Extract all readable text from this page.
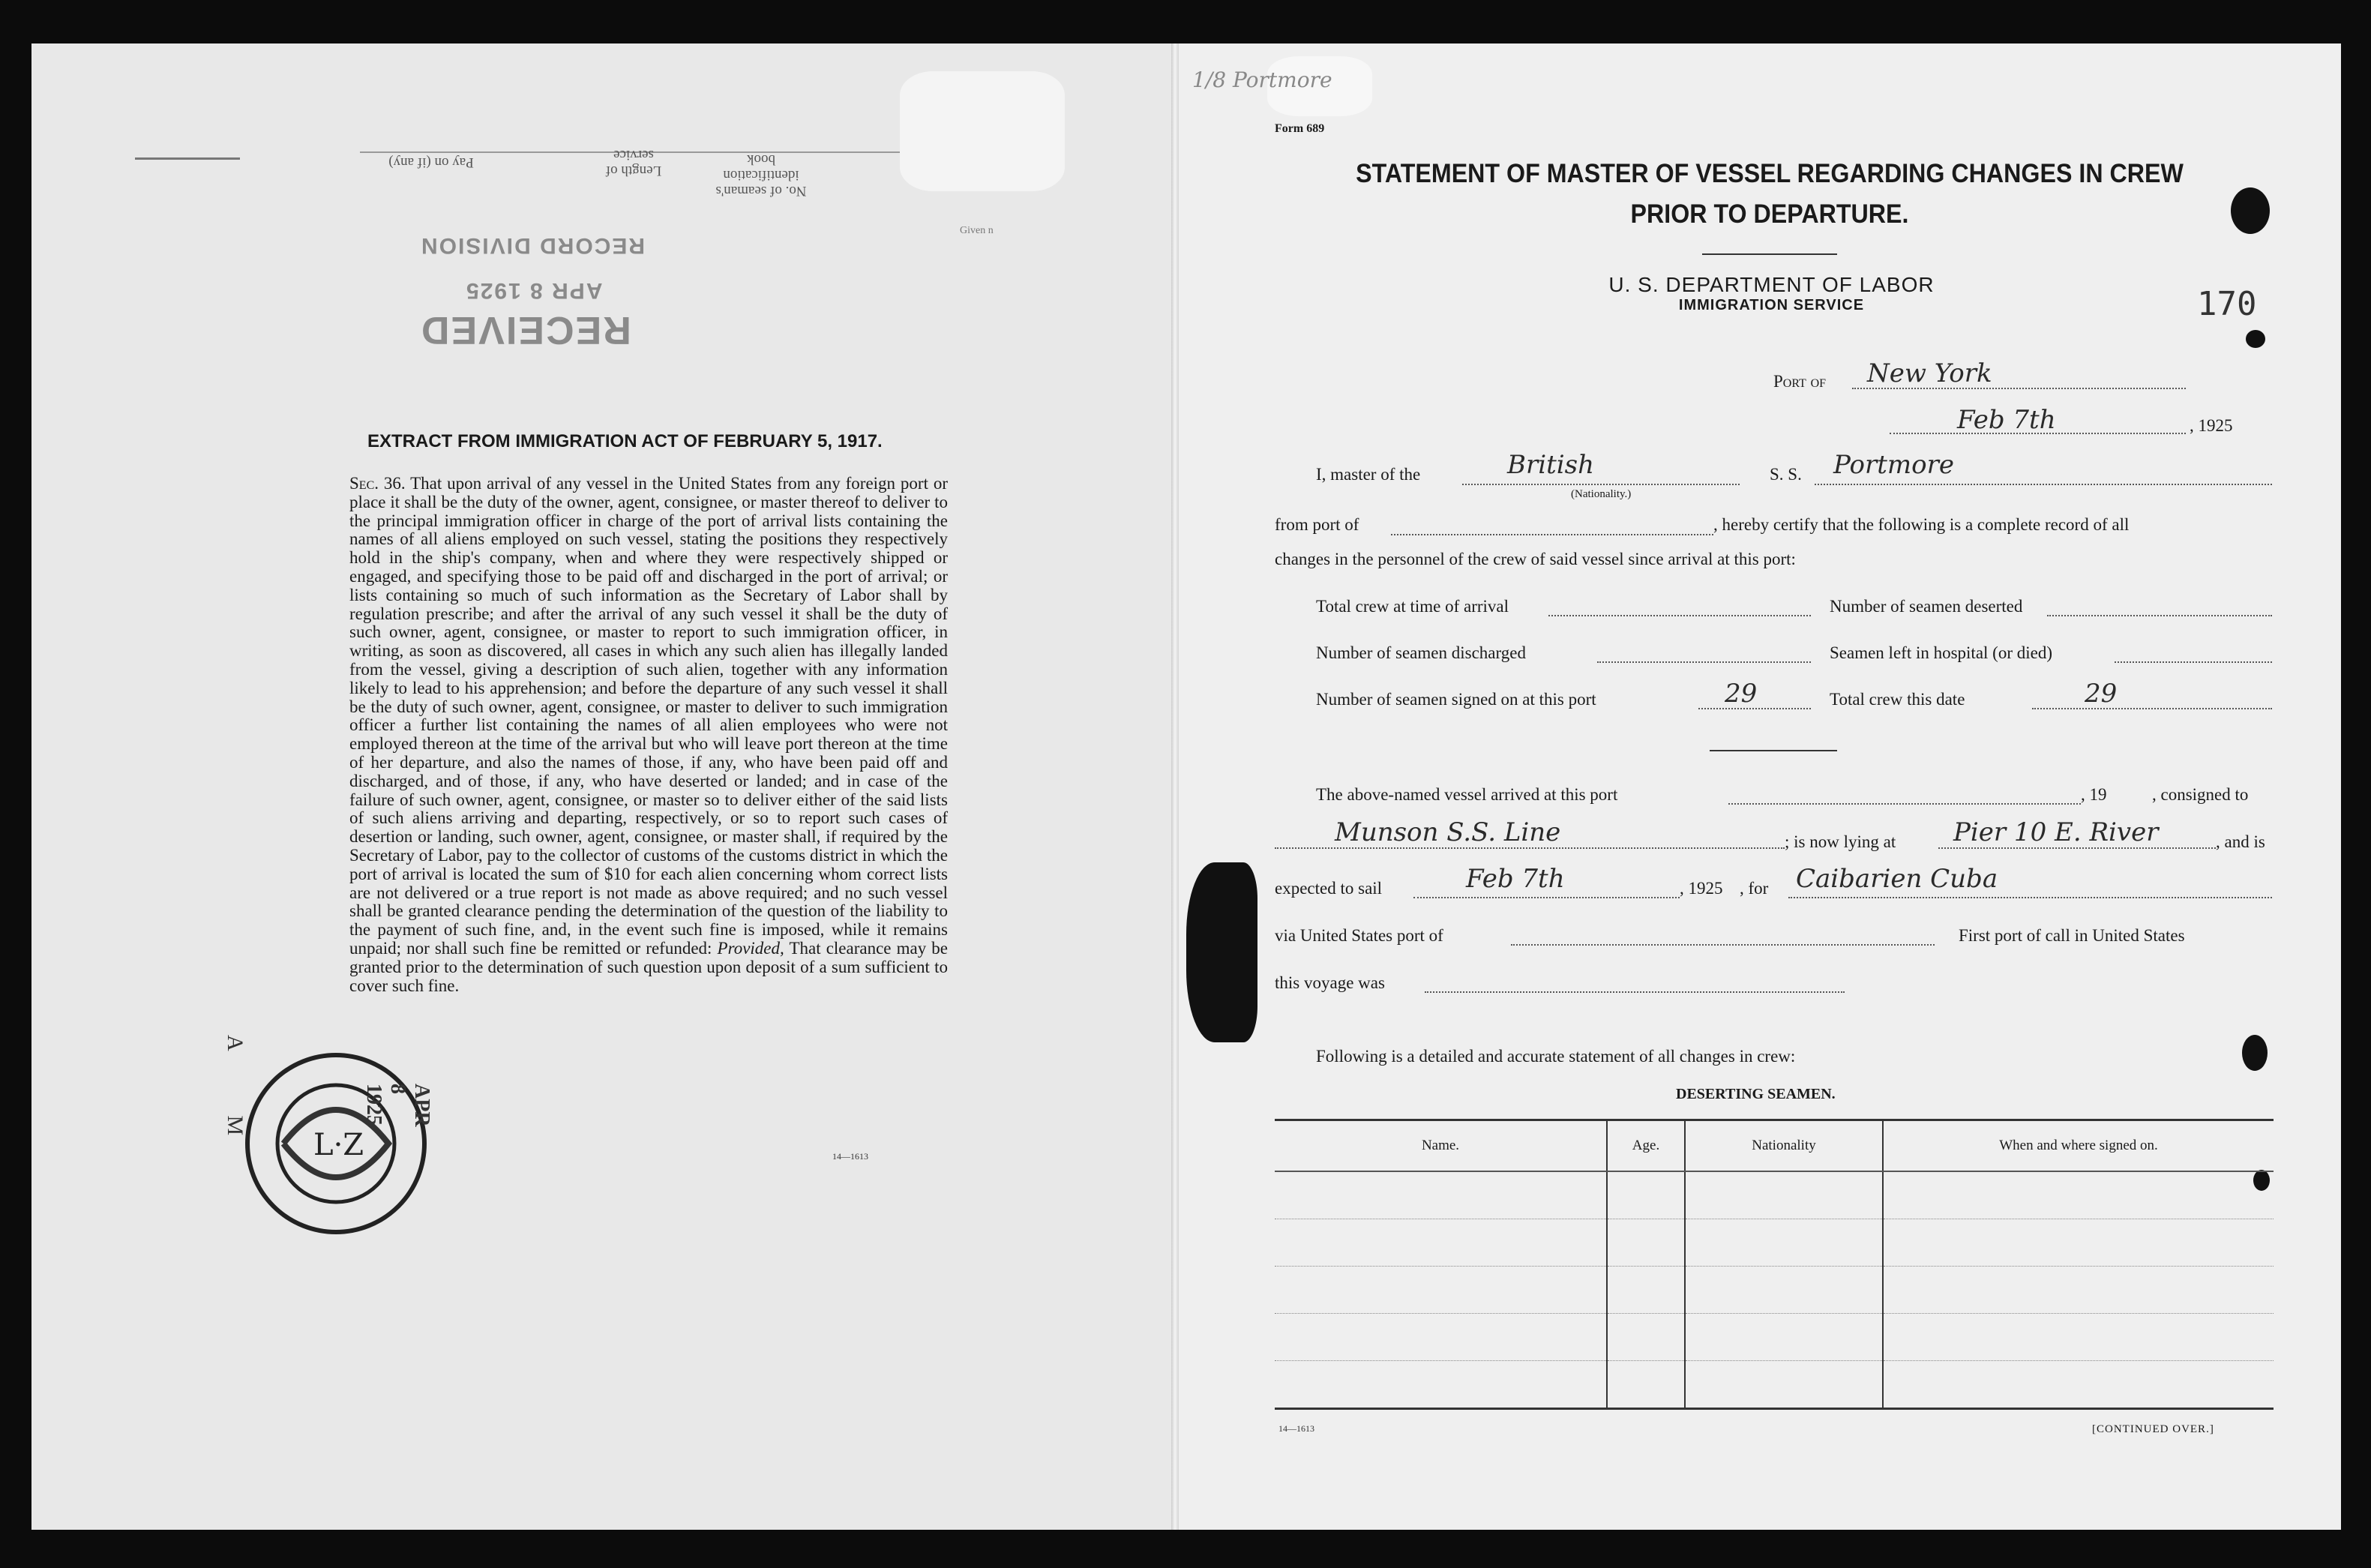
Pay on (if any)
Length of service
No. of seaman's identification book
Given n
RECEIVED
APR 8 1925
RECORD DIVISION
EXTRACT FROM IMMIGRATION ACT OF FEBRUARY 5, 1917.
Sec. 36. That upon arrival of any vessel in the United States from any foreign port or place it shall be the duty of the owner, agent, consignee, or master thereof to deliver to the principal immigration officer in charge of the port of arrival lists containing the names of all aliens employed on such vessel, stating the positions they respectively hold in the ship's company, when and where they were respectively shipped or engaged, and specifying those to be paid off and discharged in the port of arrival; or lists containing so much of such information as the Secretary of Labor shall by regulation prescribe; and after the arrival of any such vessel it shall be the duty of such owner, agent, consignee, or master to report to such immigration officer, in writing, as soon as discovered, all cases in which any such alien has illegally landed from the vessel, giving a description of such alien, together with any information likely to lead to his apprehension; and before the departure of any such vessel it shall be the duty of such owner, agent, consignee, or master to deliver to such immigration officer a further list containing the names of all alien employees who were not employed thereon at the time of the arrival but who will leave port thereon at the time of her departure, and also the names of those, if any, who have been paid off and discharged, and of those, if any, who have deserted or landed; and in case of the failure of such owner, agent, consignee, or master so to deliver either of the said lists of such aliens arriving and departing, respectively, or so to report such cases of desertion or landing, such owner, agent, consignee, or master shall, if required by the Secretary of Labor, pay to the collector of customs of the customs district in which the port of arrival is located the sum of $10 for each alien concerning whom correct lists are not delivered or a true report is not made as above required; and no such vessel shall be granted clearance pending the determination of the question of the liability to the payment of such fine, and, in the event such fine is imposed, while it remains unpaid; nor shall such fine be remitted or refunded: Provided, That clearance may be granted prior to the determination of such question upon deposit of a sum sufficient to cover such fine.
14—1613
L·Z
APR 8 1925
A M
1/8 Portmore
Form 689
STATEMENT OF MASTER OF VESSEL REGARDING CHANGES IN CREW
PRIOR TO DEPARTURE.
U. S. DEPARTMENT OF LABOR
IMMIGRATION SERVICE	170
Port of New York
Feb 7th	, 1925
I, master of the	British
(Nationality.)
S. S. Portmore
from port of	, hereby certify that the following is a complete record of all
changes in the personnel of the crew of said vessel since arrival at this port:
Total crew at time of arrival	Number of seamen deserted
Number of seamen discharged	Seamen left in hospital (or died)
Number of seamen signed on at this port	29	Total crew this date	29
The above-named vessel arrived at this port	, 19	, consigned to
Munson S.S. Line	; is now lying at Pier 10 E. River	, and is
expected to sail	Feb 7th	, 1925 , for Caibarien Cuba
via United States port of	First port of call in United States
this voyage was
Following is a detailed and accurate statement of all changes in crew:
DESERTING SEAMEN.
Name.	Age.	Nationality	When and where signed on.

14—1613	[CONTINUED OVER.]
